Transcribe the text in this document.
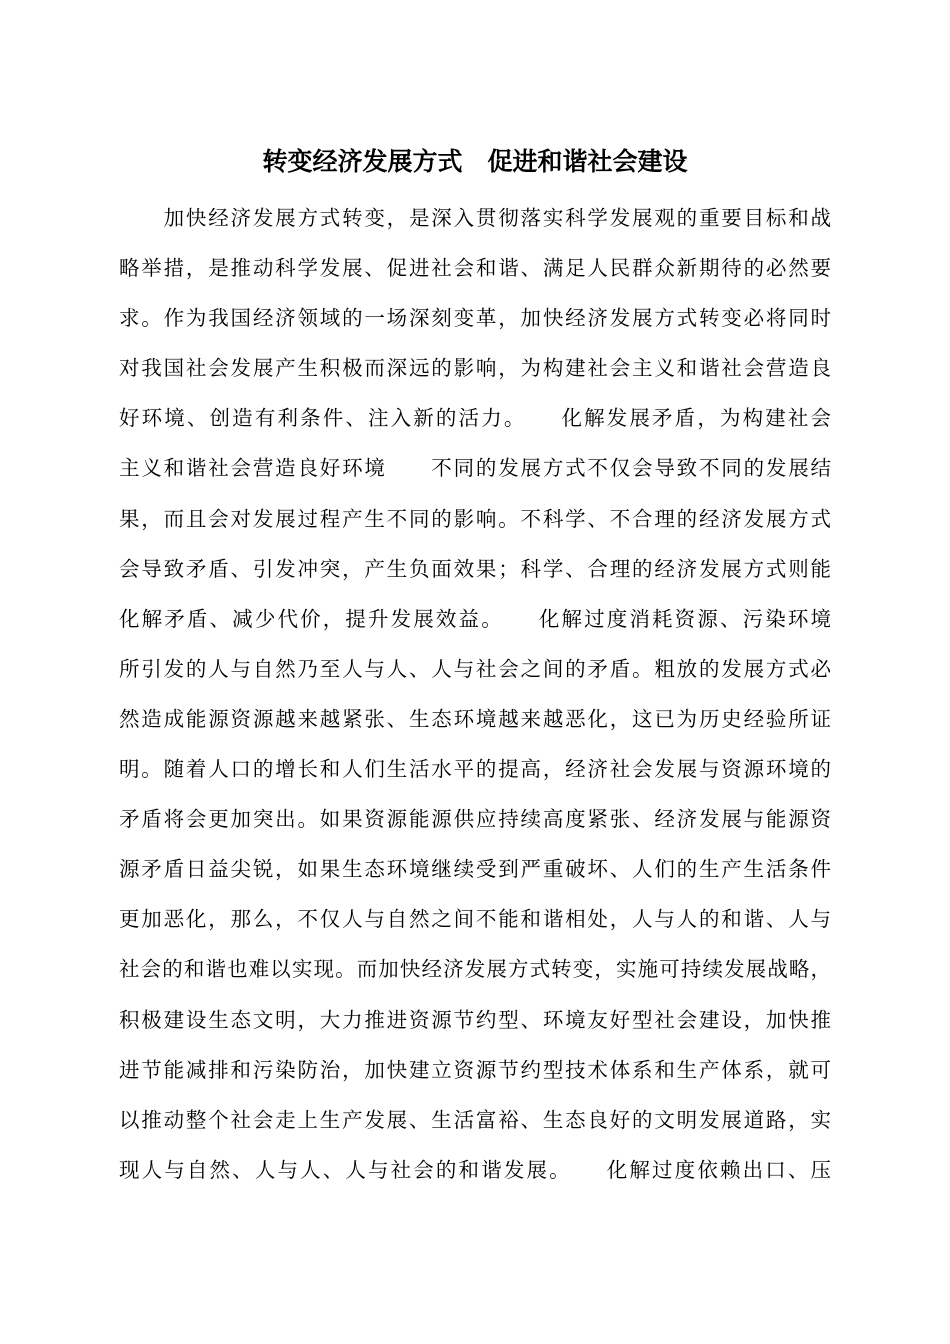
转变经济发展方式　促进和谐社会建设
　　加快经济发展方式转变，是深入贯彻落实科学发展观的重要目标和战
略举措，是推动科学发展、促进社会和谐、满足人民群众新期待的必然要
求。作为我国经济领域的一场深刻变革，加快经济发展方式转变必将同时
对我国社会发展产生积极而深远的影响，为构建社会主义和谐社会营造良
好环境、创造有利条件、注入新的活力。　　化解发展矛盾，为构建社会
主义和谐社会营造良好环境　　不同的发展方式不仅会导致不同的发展结
果，而且会对发展过程产生不同的影响。不科学、不合理的经济发展方式
会导致矛盾、引发冲突，产生负面效果；科学、合理的经济发展方式则能
化解矛盾、减少代价，提升发展效益。　　化解过度消耗资源、污染环境
所引发的人与自然乃至人与人、人与社会之间的矛盾。粗放的发展方式必
然造成能源资源越来越紧张、生态环境越来越恶化，这已为历史经验所证
明。随着人口的增长和人们生活水平的提高，经济社会发展与资源环境的
矛盾将会更加突出。如果资源能源供应持续高度紧张、经济发展与能源资
源矛盾日益尖锐，如果生态环境继续受到严重破坏、人们的生产生活条件
更加恶化，那么，不仅人与自然之间不能和谐相处，人与人的和谐、人与
社会的和谐也难以实现。而加快经济发展方式转变，实施可持续发展战略，
积极建设生态文明，大力推进资源节约型、环境友好型社会建设，加快推
进节能减排和污染防治，加快建立资源节约型技术体系和生产体系，就可
以推动整个社会走上生产发展、生活富裕、生态良好的文明发展道路，实
现人与自然、人与人、人与社会的和谐发展。　　化解过度依赖出口、压
